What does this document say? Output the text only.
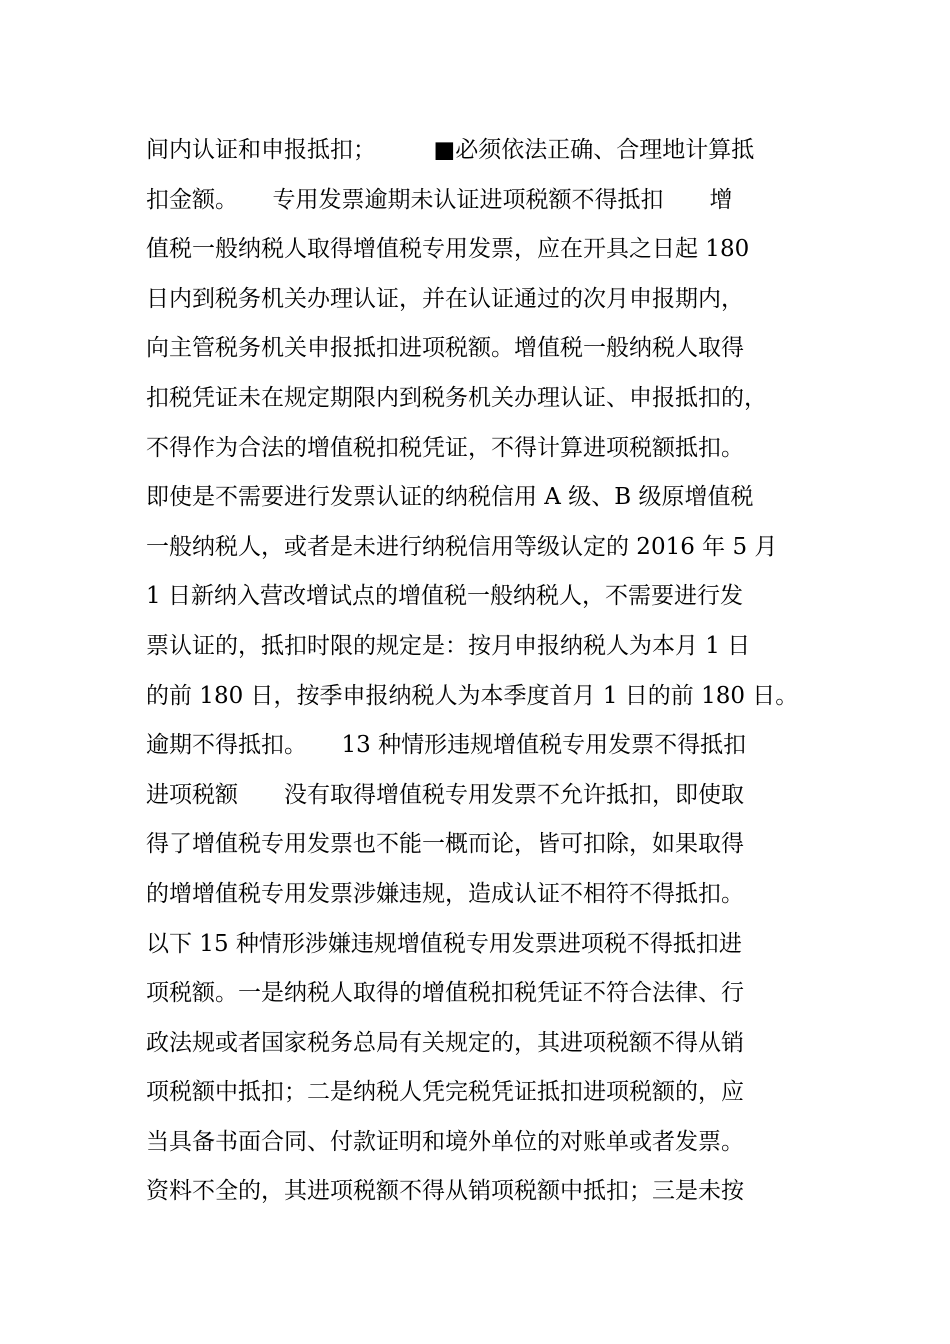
间内认证和申报抵扣；　　　■必须依法正确、合理地计算抵
扣金额。　　专用发票逾期未认证进项税额不得抵扣　　增
值税一般纳税人取得增值税专用发票，应在开具之日起 180
日内到税务机关办理认证，并在认证通过的次月申报期内，
向主管税务机关申报抵扣进项税额。增值税一般纳税人取得
扣税凭证未在规定期限内到税务机关办理认证、申报抵扣的，
不得作为合法的增值税扣税凭证，不得计算进项税额抵扣。
即使是不需要进行发票认证的纳税信用 A 级、B 级原增值税
一般纳税人，或者是未进行纳税信用等级认定的 2016 年 5 月
1 日新纳入营改增试点的增值税一般纳税人，不需要进行发
票认证的，抵扣时限的规定是：按月申报纳税人为本月 1 日
的前 180 日，按季申报纳税人为本季度首月 1 日的前 180 日。
逾期不得抵扣。　　13 种情形违规增值税专用发票不得抵扣
进项税额　　没有取得增值税专用发票不允许抵扣，即使取
得了增值税专用发票也不能一概而论，皆可扣除，如果取得
的增增值税专用发票涉嫌违规，造成认证不相符不得抵扣。
以下 15 种情形涉嫌违规增值税专用发票进项税不得抵扣进
项税额。一是纳税人取得的增值税扣税凭证不符合法律、行
政法规或者国家税务总局有关规定的，其进项税额不得从销
项税额中抵扣；二是纳税人凭完税凭证抵扣进项税额的，应
当具备书面合同、付款证明和境外单位的对账单或者发票。
资料不全的，其进项税额不得从销项税额中抵扣；三是未按
